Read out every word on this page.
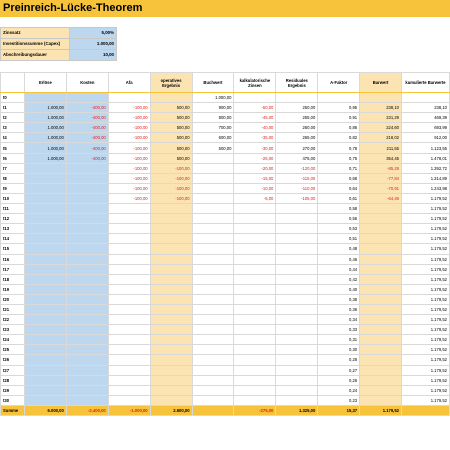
Preinreich-Lücke-Theorem
Zinssatz	5,00%
Investitionssumme (Capex)	1.000,00
Abschreibungsdauer	10,00
	Erlöse	Kosten	Afa	operatives Ergebnis	Buchwert	kalkulatorische Zinsen	Residuales Ergebnis	A-Faktor	Barwert	kumulierte Barwerte
t0					1.000,00					
t1	1.000,00	-400,00	-100,00	500,00	900,00	-50,00	250,00	0,95	238,10	238,10
t2	1.000,00	-400,00	-100,00	500,00	800,00	-45,00	255,00	0,91	231,29	469,39
t3	1.000,00	-400,00	-100,00	500,00	700,00	-40,00	260,00	0,86	224,60	693,99
t4	1.000,00	-400,00	-100,00	500,00	600,00	-35,00	265,00	0,82	218,02	912,00
t5	1.000,00	-400,00	-100,00	500,00	500,00	-30,00	270,00	0,78	211,55	1.123,55
t6	1.000,00	-400,00	-100,00	500,00		-25,00	475,00	0,75	354,45	1.478,01
t7			-100,00	-100,00		-20,00	-120,00	0,71	-85,28	1.392,72
t8			-100,00	-100,00		-15,00	-115,00	0,68	-77,84	1.314,89
t9			-100,00	-100,00		-10,00	-110,00	0,64	-70,91	1.243,98
t10			-100,00	-100,00		-5,00	-105,00	0,61	-64,46	1.179,52
t11								0,58		1.179,52
t12								0,56		1.179,52
t13								0,53		1.179,52
t14								0,51		1.179,52
t15								0,48		1.179,52
t16								0,46		1.179,52
t17								0,44		1.179,52
t18								0,42		1.179,52
t19								0,40		1.179,52
t20								0,38		1.179,52
t21								0,36		1.179,52
t22								0,34		1.179,52
t23								0,33		1.179,52
t24								0,31		1.179,52
t25								0,30		1.179,52
t26								0,28		1.179,52
t27								0,27		1.179,52
t28								0,26		1.179,52
t29								0,24		1.179,52
t30								0,23		1.179,52
Summe	6.000,00	-2.400,00	-1.000,00	2.600,00		-275,00	1.325,00	15,37	1.179,52	
